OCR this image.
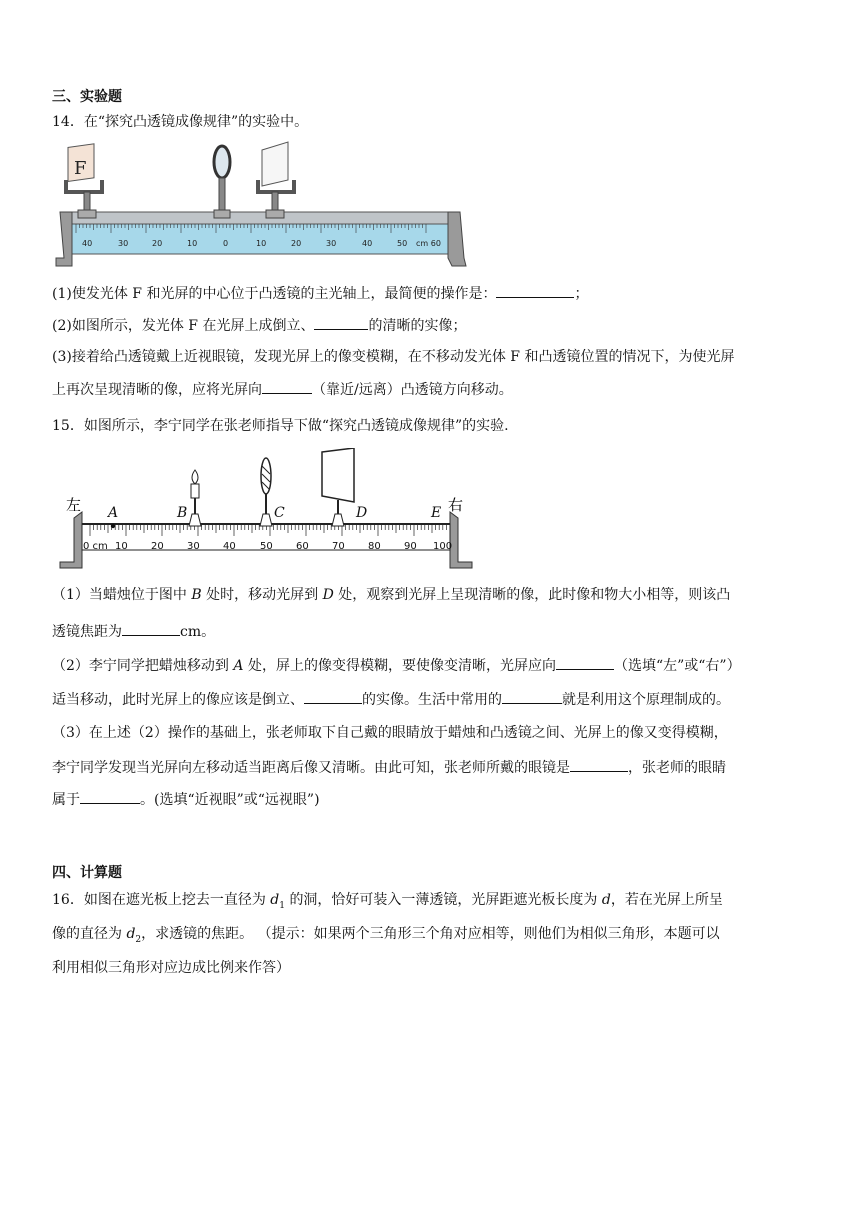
三、实验题
14．在“探究凸透镜成像规律”的实验中。
40	30	20	10	0	10	20	30	40	50 cm 60
F
(1)使发光体 F 和光屏的中心位于凸透镜的主光轴上，最简便的操作是：	；
(2)如图所示，发光体 F 在光屏上成倒立、	的清晰的实像；
(3)接着给凸透镜戴上近视眼镜，发现光屏上的像变模糊，在不移动发光体 F 和凸透镜位置的情况下，为使光屏
上再次呈现清晰的像，应将光屏向	（靠近/远离）凸透镜方向移动。
15．如图所示，李宁同学在张老师指导下做“探究凸透镜成像规律”的实验.
左	右
0 cm 10 20 30 40 50 60 70 80 90 100
A	B	C	D	E
（1）当蜡烛位于图中 B 处时，移动光屏到 D 处，观察到光屏上呈现清晰的像，此时像和物大小相等，则该凸
透镜焦距为	cm。
（2）李宁同学把蜡烛移动到 A 处，屏上的像变得模糊，要使像变清晰，光屏应向	（选填“左”或“右”）
适当移动，此时光屏上的像应该是倒立、	的实像。生活中常用的	就是利用这个原理制成的。
（3）在上述（2）操作的基础上，张老师取下自己戴的眼睛放于蜡烛和凸透镜之间、光屏上的像又变得模糊，
李宁同学发现当光屏向左移动适当距离后像又清晰。由此可知，张老师所戴的眼镜是	，张老师的眼睛
属于	。(选填“近视眼”或“远视眼”)
四、计算题
16．如图在遮光板上挖去一直径为 $d_1$ 的洞，恰好可装入一薄透镜，光屏距遮光板长度为 d，若在光屏上所呈
像的直径为 $d_2$，求透镜的焦距。 （提示：如果两个三角形三个角对应相等，则他们为相似三角形，本题可以
利用相似三角形对应边成比例来作答）
